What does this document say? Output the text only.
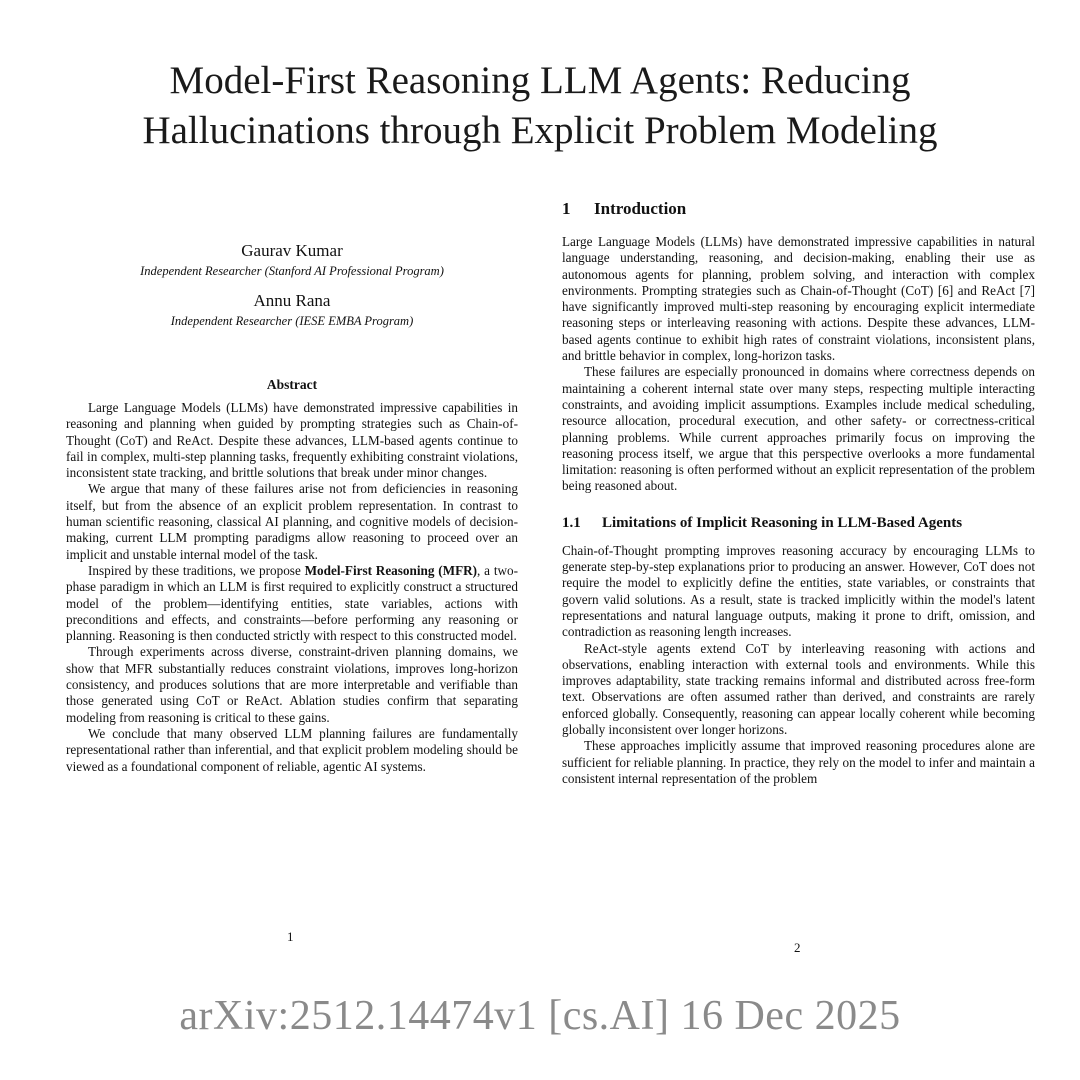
Model-First Reasoning LLM Agents: Reducing
Hallucinations through Explicit Problem Modeling
Gaurav Kumar
Independent Researcher (Stanford AI Professional Program)
Annu Rana
Independent Researcher (IESE EMBA Program)
Abstract

Large Language Models (LLMs) have demonstrated impressive capabilities in reasoning and planning when guided by prompting strategies such as Chain-of-Thought (CoT) and ReAct. Despite these advances, LLM-based agents continue to fail in complex, multi-step planning tasks, frequently exhibiting constraint violations, inconsistent state tracking, and brittle solutions that break under minor changes.

We argue that many of these failures arise not from deficiencies in reasoning itself, but from the absence of an explicit problem representation. In contrast to human scientific reasoning, classical AI planning, and cognitive models of decision-making, current LLM prompting paradigms allow reasoning to proceed over an implicit and unstable internal model of the task.

Inspired by these traditions, we propose Model-First Reasoning (MFR), a two-phase paradigm in which an LLM is first required to explicitly construct a structured model of the problem—identifying entities, state variables, actions with preconditions and effects, and constraints—before performing any reasoning or planning. Reasoning is then conducted strictly with respect to this constructed model.

Through experiments across diverse, constraint-driven planning domains, we show that MFR substantially reduces constraint violations, improves long-horizon consistency, and produces solutions that are more interpretable and verifiable than those generated using CoT or ReAct. Ablation studies confirm that separating modeling from reasoning is critical to these gains.

We conclude that many observed LLM planning failures are fundamentally representational rather than inferential, and that explicit problem modeling should be viewed as a foundational component of reliable, agentic AI systems.

1 Introduction

Large Language Models (LLMs) have demonstrated impressive capabilities in natural language understanding, reasoning, and decision-making, enabling their use as autonomous agents for planning, problem solving, and interaction with complex environments. Prompting strategies such as Chain-of-Thought (CoT) [6] and ReAct [7] have significantly improved multi-step reasoning by encouraging explicit intermediate reasoning steps or interleaving reasoning with actions. Despite these advances, LLM-based agents continue to exhibit high rates of constraint violations, inconsistent plans, and brittle behavior in complex, long-horizon tasks.

These failures are especially pronounced in domains where correctness depends on maintaining a coherent internal state over many steps, respecting multiple interacting constraints, and avoiding implicit assumptions. Examples include medical scheduling, resource allocation, procedural execution, and other safety- or correctness-critical planning problems. While current approaches primarily focus on improving the reasoning process itself, we argue that this perspective overlooks a more fundamental limitation: reasoning is often performed without an explicit representation of the problem being reasoned about.

1.1 Limitations of Implicit Reasoning in LLM-Based Agents

Chain-of-Thought prompting improves reasoning accuracy by encouraging LLMs to generate step-by-step explanations prior to producing an answer. However, CoT does not require the model to explicitly define the entities, state variables, or constraints that govern valid solutions. As a result, state is tracked implicitly within the model's latent representations and natural language outputs, making it prone to drift, omission, and contradiction as reasoning length increases.

ReAct-style agents extend CoT by interleaving reasoning with actions and observations, enabling interaction with external tools and environments. While this improves adaptability, state tracking remains informal and distributed across free-form text. Observations are often assumed rather than derived, and constraints are rarely enforced globally. Consequently, reasoning can appear locally coherent while becoming globally inconsistent over longer horizons.

These approaches implicitly assume that improved reasoning procedures alone are sufficient for reliable planning. In practice, they rely on the model to infer and maintain a consistent internal representation of the problem

1
2
arXiv:2512.14474v1 [cs.AI] 16 Dec 2025
